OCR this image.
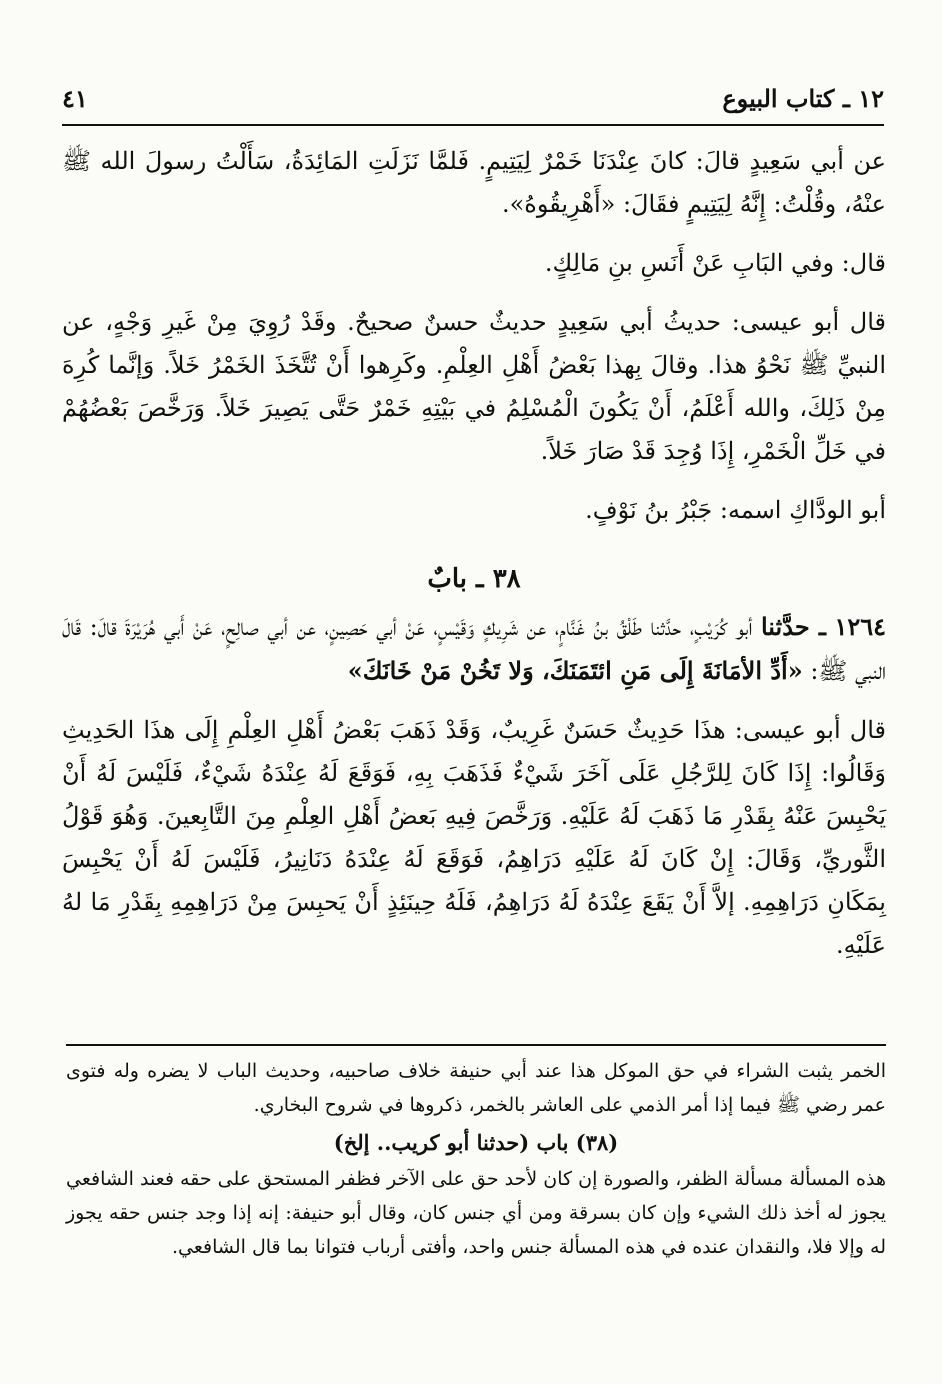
١٢ ـ كتاب البيوع
٤١

عن أبي سَعِيدٍ قالَ: كانَ عِنْدَنَا خَمْرٌ لِيَتِيمٍ. فَلمَّا نَزَلَتِ المَائِدَةُ، سَأَلْتُ رسولَ الله ﷺ عنْهُ، وقُلْتُ: إِنَّهُ لِيَتِيمٍ فقَالَ: «أَهْرِيقُوهُ».

قال: وفي البَابِ عَنْ أَنَسِ بنِ مَالِكٍ.

قال أبو عيسى: حديثُ أبي سَعِيدٍ حديثٌ حسنٌ صحيحٌ. وقَدْ رُوِيَ مِنْ غَيرِ وَجْهٍ، عن النبيِّ ﷺ نَحْوُ هذا. وقالَ بِهذا بَعْضُ أَهْلِ العِلْمِ. وكَرِهوا أَنْ تُتَّخَذَ الخَمْرُ خَلاً. وَإنَّما كُرِهَ مِنْ ذَلِكَ، والله أَعْلَمُ، أَنْ يَكُونَ الْمُسْلِمُ في بَيْتِهِ خَمْرٌ حَتَّى يَصِيرَ خَلاً. وَرَخَّصَ بَعْضُهُمْ في خَلِّ الْخَمْرِ، إِذَا وُجِدَ قَدْ صَارَ خَلاً.

أبو الودَّاكِ اسمه: جَبْرُ بنُ نَوْفٍ.

٣٨ ـ بابٌ

١٢٦٤ ـ حدَّثنا أبو كُرَيْبٍ، حدَّثنا طَلْقُ بنُ غَنَّامٍ، عن شَرِيكٍ وَقَيْسٍ، عَنْ أبي حَصِينٍ، عن أبي صالِحٍ، عَنْ أَبي هُرَيْرَةَ قالَ: قَالَ النبي ﷺ: «أَدِّ الأمَانَةَ إِلَى مَنِ ائتَمَنَكَ، وَلا تَخُنْ مَنْ خَانَكَ»

قال أبو عيسى: هذَا حَدِيثٌ حَسَنٌ غَرِيبٌ، وَقَدْ ذَهَبَ بَعْضُ أَهْلِ العِلْمِ إِلَى هذَا الحَدِيثِ وَقَالُوا: إِذَا كَانَ لِلرَّجُلِ عَلَى آخَرَ شَيْءٌ فَذَهَبَ بِهِ، فَوَقَعَ لَهُ عِنْدَهُ شَيْءٌ، فَلَيْسَ لَهُ أَنْ يَحْبِسَ عَنْهُ بِقَدْرِ مَا ذَهَبَ لَهُ عَلَيْهِ. وَرَخَّصَ فِيهِ بَعضُ أَهْلِ العِلْمِ مِنَ التَّابِعينَ. وَهُوَ قَوْلُ الثَّوريِّ، وَقَالَ: إِنْ كَانَ لَهُ عَلَيْهِ دَرَاهِمُ، فَوَقَعَ لَهُ عِنْدَهُ دَنَانِيرُ، فَلَيْسَ لَهُ أَنْ يَحْبِسَ بِمَكَانِ دَرَاهِمِهِ. إلاَّ أَنْ يَقَعَ عِنْدَهُ لَهُ دَرَاهِمُ، فَلَهُ حِينَئِذٍ أَنْ يَحبِسَ مِنْ دَرَاهِمِهِ بِقَدْرِ مَا لهُ عَلَيْهِ.

الخمر يثبت الشراء في حق الموكل هذا عند أبي حنيفة خلاف صاحبيه، وحديث الباب لا يضره وله فتوى عمر رضي ﷺ فيما إذا أمر الذمي على العاشر بالخمر، ذكروها في شروح البخاري.

(٣٨) باب (حدثنا أبو كريب.. إلخ)

هذه المسألة مسألة الظفر، والصورة إن كان لأحد حق على الآخر فظفر المستحق على حقه فعند الشافعي يجوز له أخذ ذلك الشيء وإن كان بسرقة ومن أي جنس كان، وقال أبو حنيفة: إنه إذا وجد جنس حقه يجوز له وإلا فلا، والنقدان عنده في هذه المسألة جنس واحد، وأفتى أرباب فتوانا بما قال الشافعي.
